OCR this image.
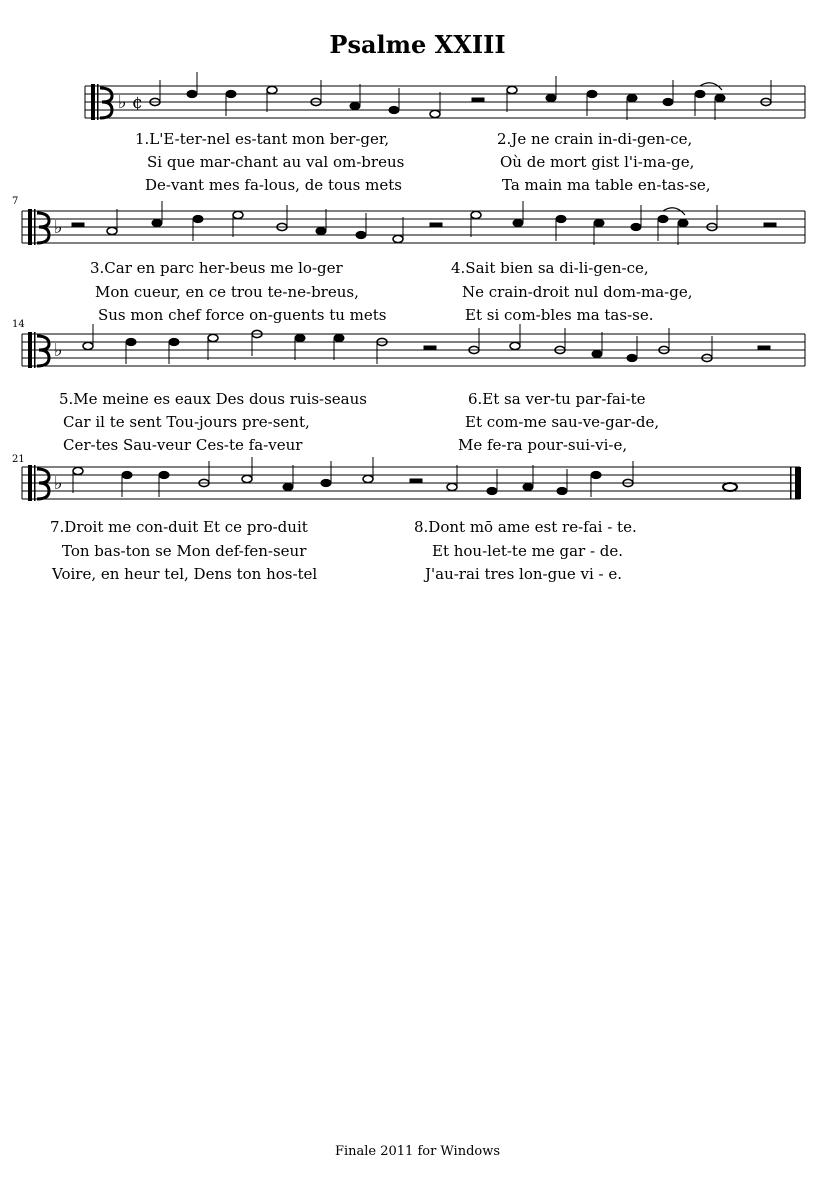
Psalme XXIII
♭ ¢
1.L'E-ter-nel es-tant mon ber-ger,	2.Je ne crain in-di-gen-ce,
Si que mar-chant au val om-breus	Où de mort gist l'i-ma-ge,
De-vant mes fa-lous, de tous mets	Ta main ma table en-tas-se,
7
♭
3.Car en parc her-beus me lo-ger	4.Sait bien sa di-li-gen-ce,
Mon cueur, en ce trou te-ne-breus,	Ne crain-droit nul dom-ma-ge,
Sus mon chef force on-guents tu mets	Et si com-bles ma tas-se.
14
♭
5.Me meine es eaux Des dous ruis-seaus	6.Et sa ver-tu par-fai-te
Car il te sent Tou-jours pre-sent,	Et com-me sau-ve-gar-de,
Cer-tes Sau-veur Ces-te fa-veur	Me fe-ra pour-sui-vi-e,
21
♭
7.Droit me con-duit Et ce pro-duit	8.Dont mō ame est re-fai - te.
Ton bas-ton se Mon def-fen-seur	Et hou-let-te me gar - de.
Voire, en heur tel, Dens ton hos-tel	J'au-rai tres lon-gue vi - e.
Finale 2011 for Windows
